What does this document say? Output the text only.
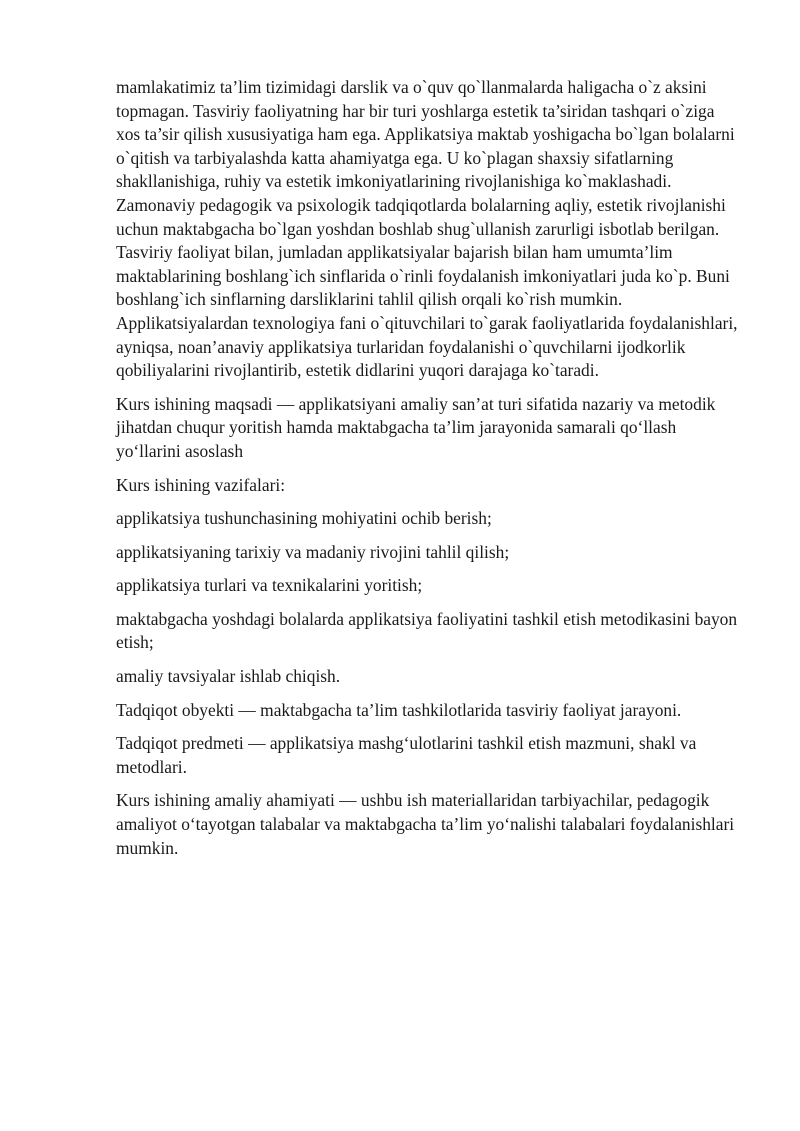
mamlakatimiz ta’lim tizimidagi darslik va o`quv qo`llanmalarda haligacha o`z aksini topmagan. Tasviriy faoliyatning har bir turi yoshlarga estetik ta’siridan tashqari o`ziga xos ta’sir qilish xususiyatiga ham ega. Applikatsiya maktab yoshigacha bo`lgan bolalarni o`qitish va tarbiyalashda katta ahamiyatga ega. U ko`plagan shaxsiy sifatlarning shakllanishiga, ruhiy va estetik imkoniyatlarining rivojlanishiga ko`maklashadi. Zamonaviy pedagogik va psixologik tadqiqotlarda bolalarning aqliy, estetik rivojlanishi uchun maktabgacha bo`lgan yoshdan boshlab shug`ullanish zarurligi isbotlab berilgan. Tasviriy faoliyat bilan, jumladan applikatsiyalar bajarish bilan ham umumta’lim maktablarining boshlang`ich sinflarida o`rinli foydalanish imkoniyatlari juda ko`p. Buni boshlang`ich sinflarning darsliklarini tahlil qilish orqali ko`rish mumkin. Applikatsiyalardan texnologiya fani o`qituvchilari to`garak faoliyatlarida foydalanishlari, ayniqsa, noan’anaviy applikatsiya turlaridan foydalanishi o`quvchilarni ijodkorlik qobiliyalarini rivojlantirib, estetik didlarini yuqori darajaga ko`taradi.

Kurs ishining maqsadi — applikatsiyani amaliy san’at turi sifatida nazariy va metodik jihatdan chuqur yoritish hamda maktabgacha ta’lim jarayonida samarali qo‘llash yo‘llarini asoslash

Kurs ishining vazifalari:

applikatsiya tushunchasining mohiyatini ochib berish;

applikatsiyaning tarixiy va madaniy rivojini tahlil qilish;

applikatsiya turlari va texnikalarini yoritish;

maktabgacha yoshdagi bolalarda applikatsiya faoliyatini tashkil etish metodikasini bayon etish;

amaliy tavsiyalar ishlab chiqish.

Tadqiqot obyekti — maktabgacha ta’lim tashkilotlarida tasviriy faoliyat jarayoni.

Tadqiqot predmeti — applikatsiya mashg‘ulotlarini tashkil etish mazmuni, shakl va metodlari.

Kurs ishining amaliy ahamiyati — ushbu ish materiallaridan tarbiyachilar, pedagogik amaliyot o‘tayotgan talabalar va maktabgacha ta’lim yo‘nalishi talabalari foydalanishlari mumkin.
